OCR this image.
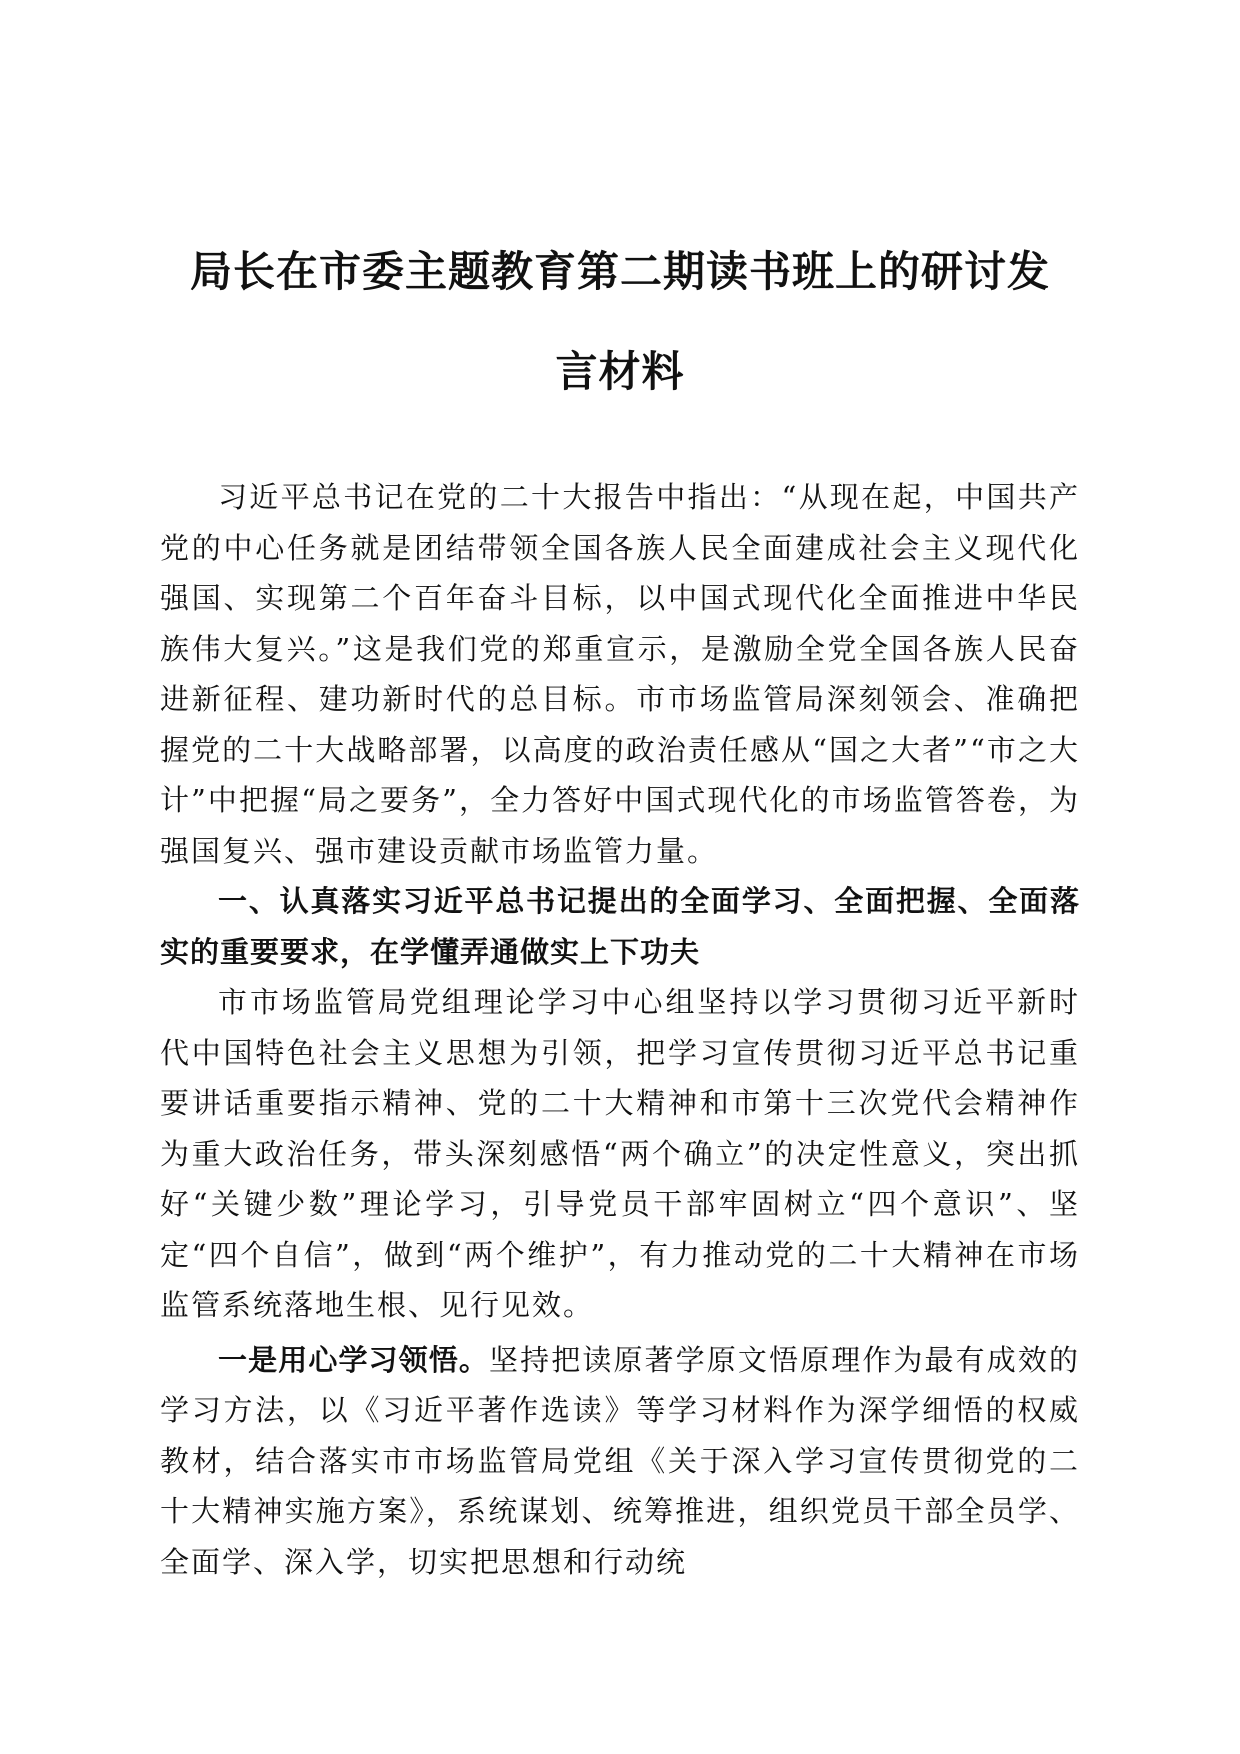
局长在市委主题教育第二期读书班上的研讨发
言材料

习近平总书记在党的二十大报告中指出：“从现在起，中国共产党的中心任务就是团结带领全国各族人民全面建成社会主义现代化强国、实现第二个百年奋斗目标，以中国式现代化全面推进中华民族伟大复兴。”这是我们党的郑重宣示，是激励全党全国各族人民奋进新征程、建功新时代的总目标。市市场监管局深刻领会、准确把握党的二十大战略部署，以高度的政治责任感从“国之大者”“市之大计”中把握“局之要务”，全力答好中国式现代化的市场监管答卷，为强国复兴、强市建设贡献市场监管力量。

一、认真落实习近平总书记提出的全面学习、全面把握、全面落实的重要要求，在学懂弄通做实上下功夫

市市场监管局党组理论学习中心组坚持以学习贯彻习近平新时代中国特色社会主义思想为引领，把学习宣传贯彻习近平总书记重要讲话重要指示精神、党的二十大精神和市第十三次党代会精神作为重大政治任务，带头深刻感悟“两个确立”的决定性意义，突出抓好“关键少数”理论学习，引导党员干部牢固树立“四个意识”、坚定“四个自信”，做到“两个维护”，有力推动党的二十大精神在市场监管系统落地生根、见行见效。

一是用心学习领悟。坚持把读原著学原文悟原理作为最有成效的学习方法，以《习近平著作选读》等学习材料作为深学细悟的权威教材，结合落实市市场监管局党组《关于深入学习宣传贯彻党的二十大精神实施方案》，系统谋划、统筹推进，组织党员干部全员学、全面学、深入学，切实把思想和行动统
